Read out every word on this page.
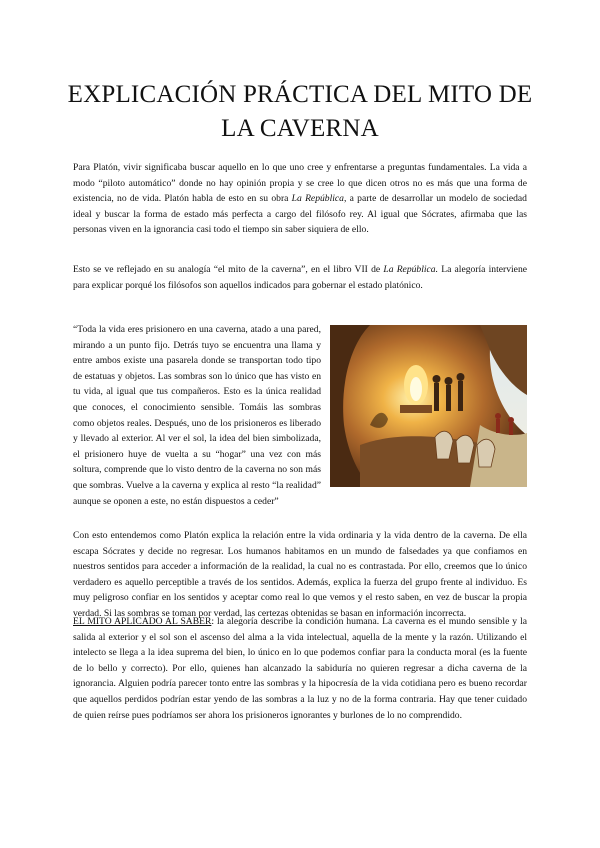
EXPLICACIÓN PRÁCTICA DEL MITO DE LA CAVERNA

Para Platón, vivir significaba buscar aquello en lo que uno cree y enfrentarse a preguntas fundamentales. La vida a modo “piloto automático” donde no hay opinión propia y se cree lo que dicen otros no es más que una forma de existencia, no de vida. Platón habla de esto en su obra La República, a parte de desarrollar un modelo de sociedad ideal y buscar la forma de estado más perfecta a cargo del filósofo rey. Al igual que Sócrates, afirmaba que las personas viven en la ignorancia casi todo el tiempo sin saber siquiera de ello.

Esto se ve reflejado en su analogía “el mito de la caverna”, en el libro VII de La República. La alegoría interviene para explicar porqué los filósofos son aquellos indicados para gobernar el estado platónico.

“Toda la vida eres prisionero en una caverna, atado a una pared, mirando a un punto fijo. Detrás tuyo se encuentra una llama y entre ambos existe una pasarela donde se transportan todo tipo de estatuas y objetos. Las sombras son lo único que has visto en tu vida, al igual que tus compañeros. Esto es la única realidad que conoces, el conocimiento sensible. Tomáis las sombras como objetos reales. Después, uno de los prisioneros es liberado y llevado al exterior. Al ver el sol, la idea del bien simbolizada, el prisionero huye de vuelta a su “hogar” una vez con más soltura, comprende que lo visto dentro de la caverna no son más que sombras. Vuelve a la caverna y explica al resto “la realidad” aunque se oponen a este, no están dispuestos a ceder”

Con esto entendemos como Platón explica la relación entre la vida ordinaria y la vida dentro de la caverna. De ella escapa Sócrates y decide no regresar. Los humanos habitamos en un mundo de falsedades ya que confiamos en nuestros sentidos para acceder a información de la realidad, la cual no es contrastada. Por ello, creemos que lo único verdadero es aquello perceptible a través de los sentidos. Además, explica la fuerza del grupo frente al individuo. Es muy peligroso confiar en los sentidos y aceptar como real lo que vemos y el resto saben, en vez de buscar la propia verdad. Si las sombras se toman por verdad, las certezas obtenidas se basan en información incorrecta.

EL MITO APLICADO AL SABER: la alegoría describe la condición humana. La caverna es el mundo sensible y la salida al exterior y el sol son el ascenso del alma a la vida intelectual, aquella de la mente y la razón. Utilizando el intelecto se llega a la idea suprema del bien, lo único en lo que podemos confiar para la conducta moral (es la fuente de lo bello y correcto). Por ello, quienes han alcanzado la sabiduría no quieren regresar a dicha caverna de la ignorancia. Alguien podría parecer tonto entre las sombras y la hipocresía de la vida cotidiana pero es bueno recordar que aquellos perdidos podrían estar yendo de las sombras a la luz y no de la forma contraria. Hay que tener cuidado de quien reírse pues podríamos ser ahora los prisioneros ignorantes y burlones de lo no comprendido.
